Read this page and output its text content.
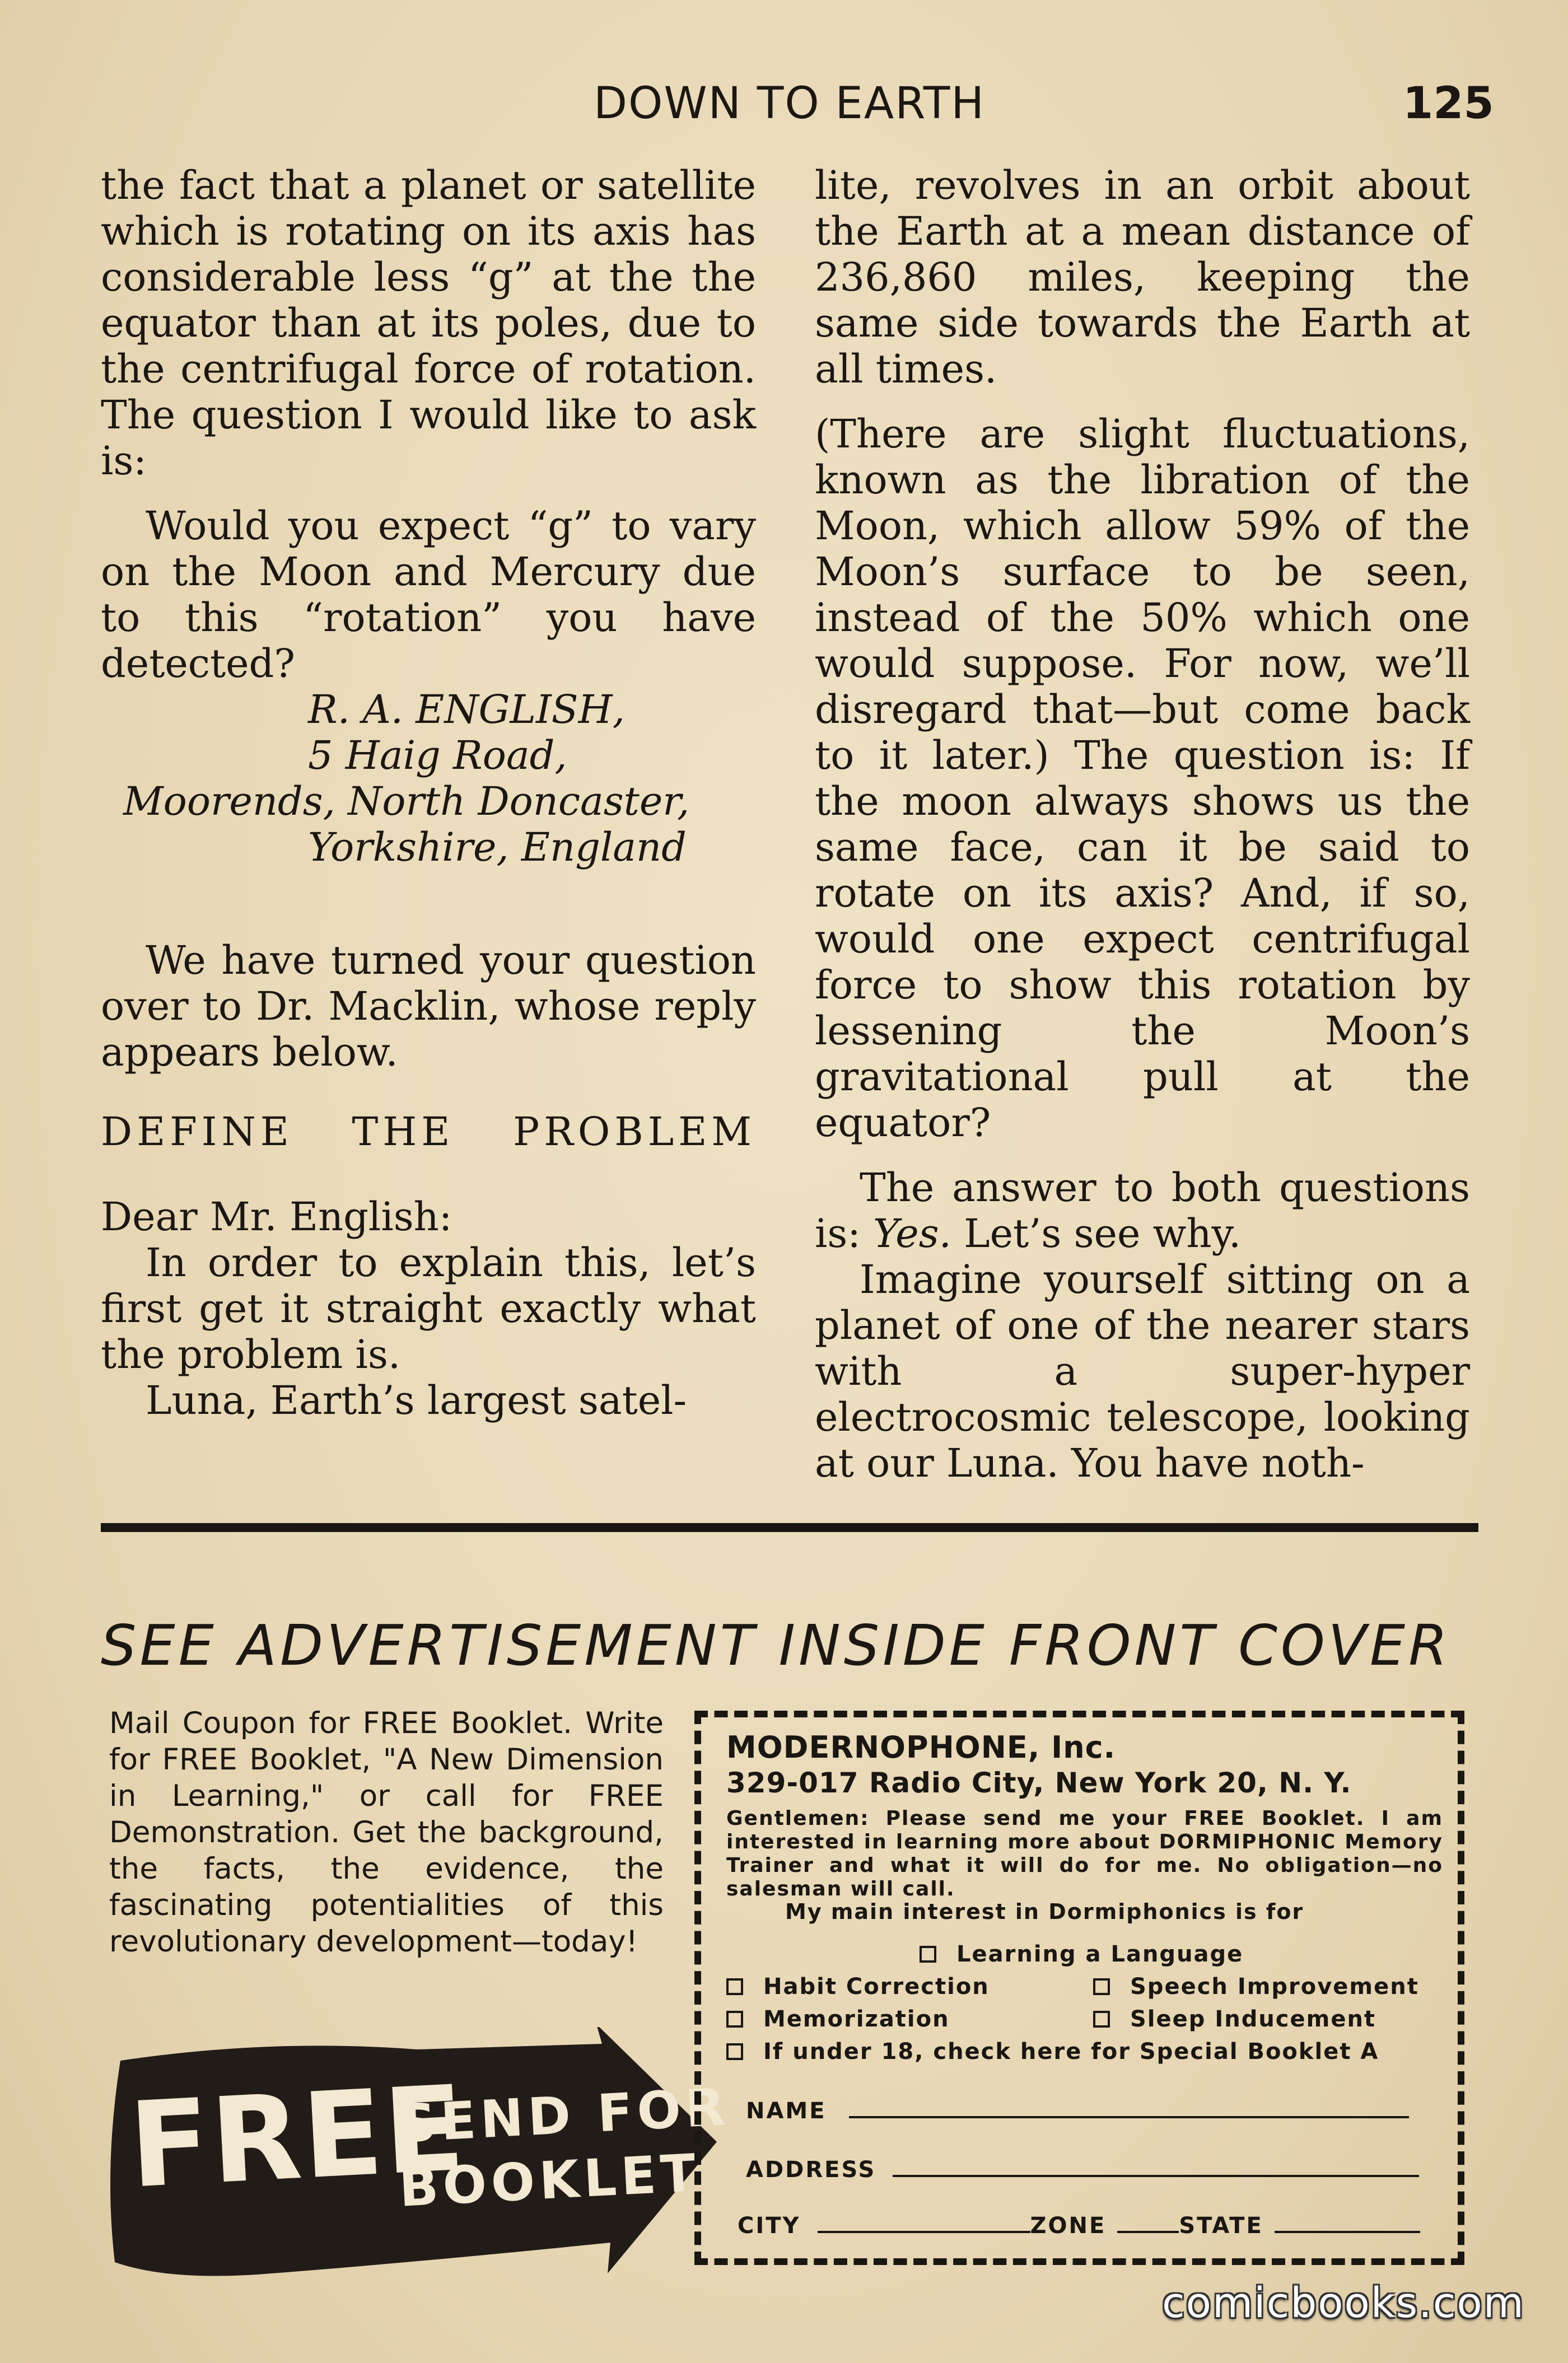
DOWN TO EARTH	125

the fact that a planet or satellite which is rotating on its axis has considerable less “g” at the the equator than at its poles, due to the centrifugal force of rotation. The question I would like to ask is:

Would you expect “g” to vary on the Moon and Mercury due to this “rotation” you have detected?

R. A. ENGLISH,
5 Haig Road,
Moorends, North Doncaster,
Yorkshire, England

We have turned your question over to Dr. Macklin, whose reply appears below.

DEFINE THE PROBLEM

Dear Mr. English:

In order to explain this, let’s first get it straight exactly what the problem is.

Luna, Earth’s largest satel-

lite, revolves in an orbit about the Earth at a mean distance of 236,860 miles, keeping the same side towards the Earth at all times.

(There are slight fluctuations, known as the libration of the Moon, which allow 59% of the Moon’s surface to be seen, instead of the 50% which one would suppose. For now, we’ll disregard that—but come back to it later.) The question is: If the moon always shows us the same face, can it be said to rotate on its axis? And, if so, would one expect centrifugal force to show this rotation by lessening the Moon’s gravitational pull at the equator?

The answer to both questions is: Yes. Let’s see why.

Imagine yourself sitting on a planet of one of the nearer stars with a super-hyper electrocosmic telescope, looking at our Luna. You have noth-

SEE ADVERTISEMENT INSIDE FRONT COVER
Mail Coupon for FREE Booklet. Write for FREE Booklet, "A New Dimension in Learning," or call for FREE Demonstration. Get the background, the facts, the evidence, the fascinating potentialities of this revolutionary development—today!
FREE
SEND FOR
BOOKLET
MODERNOPHONE, Inc.
329-017 Radio City, New York 20, N. Y.
Gentlemen: Please send me your FREE Booklet. I am interested in learning more about DORMIPHONIC Memory Trainer and what it will do for me. No obligation—no salesman will call.
My main interest in Dormiphonics is for
Learning a Language
Habit Correction	Speech Improvement
Memorization	Sleep Inducement
If under 18, check here for Special Booklet A
NAME
ADDRESS
CITY	ZONE	STATE
comicbooks.com
